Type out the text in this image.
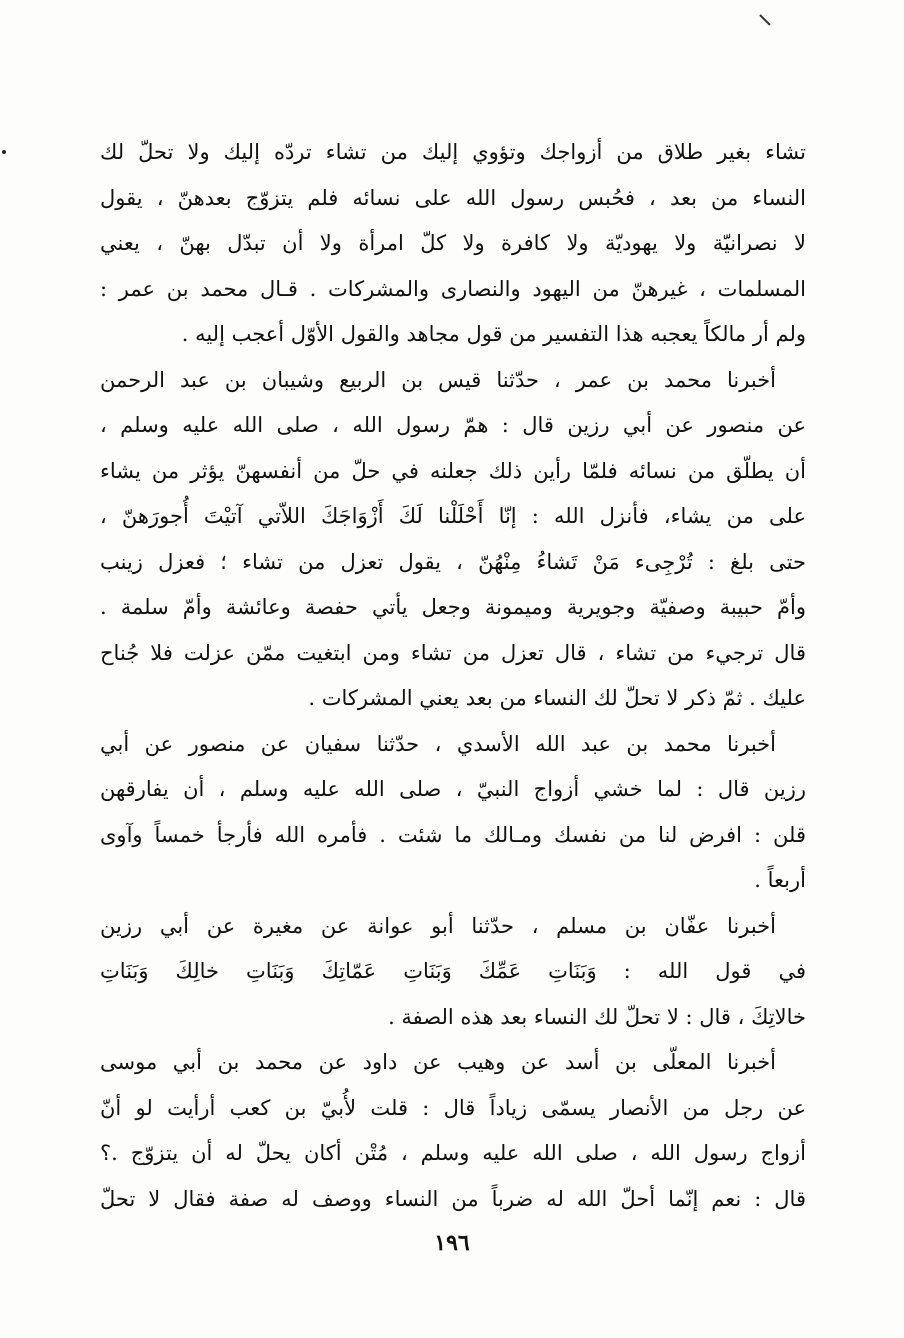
تشاء بغير طلاق من أزواجك وتؤوي إليك من تشاء تردّه إليك ولا تحلّ لك
النساء من بعد ، فحُبس رسول الله على نسائه فلم يتزوّج بعدهنّ ، يقول
لا نصرانيّة ولا يهوديّة ولا كافرة ولا كلّ امرأة ولا أن تبدّل بهنّ ، يعني
المسلمات ، غيرهنّ من اليهود والنصارى والمشركات . قـال محمد بن عمر :
ولم أر مالكاً يعجبه هذا التفسير من قول مجاهد والقول الأوّل أعجب إليه .
أخبرنا محمد بن عمر ، حدّثنا قيس بن الربيع وشيبان بن عبد الرحمن
عن منصور عن أبي رزين قال : همّ رسول الله ، صلى الله عليه وسلم ،
أن يطلّق من نسائه فلمّا رأين ذلك جعلنه في حلّ من أنفسهنّ يؤثر من يشاء
على من يشاء، فأنزل الله : إنّا أَحْلَلْنا لَكَ أَزْوَاجَكَ اللاّتي آتيْتَ أُجورَهنّ ،
حتى بلغ : تُرْجِىء مَنْ تَشاءُ مِنْهُنّ ، يقول تعزل من تشاء ؛ فعزل زينب
وأمّ حبيبة وصفيّة وجويرية وميمونة وجعل يأتي حفصة وعائشة وأمّ سلمة .
قال ترجيء من تشاء ، قال تعزل من تشاء ومن ابتغيت ممّن عزلت فلا جُناح
عليك . ثمّ ذكر لا تحلّ لك النساء من بعد يعني المشركات .
أخبرنا محمد بن عبد الله الأسدي ، حدّثنا سفيان عن منصور عن أبي
رزين قال : لما خشي أزواج النبيّ ، صلى الله عليه وسلم ، أن يفارقهن
قلن : افرض لنا من نفسك ومـالك ما شئت . فأمره الله فأرجأ خمساً وآوى
أربعاً .
أخبرنا عفّان بن مسلم ، حدّثنا أبو عوانة عن مغيرة عن أبي رزين
في قول الله : وَبَنَاتِ عَمِّكَ وَبَنَاتِ عَمّاتِكَ وَبَنَاتِ خالِكَ وَبَنَاتِ
خالاتِكَ ، قال : لا تحلّ لك النساء بعد هذه الصفة .
أخبرنا المعلّى بن أسد عن وهيب عن داود عن محمد بن أبي موسى
عن رجل من الأنصار يسمّى زياداً قال : قلت لأُبيّ بن كعب أرأيت لو أنّ
أزواج رسول الله ، صلى الله عليه وسلم ، مُتْن أكان يحلّ له أن يتزوّج .؟
قال : نعم إنّما أحلّ الله له ضرباً من النساء ووصف له صفة فقال لا تحلّ
١٩٦
